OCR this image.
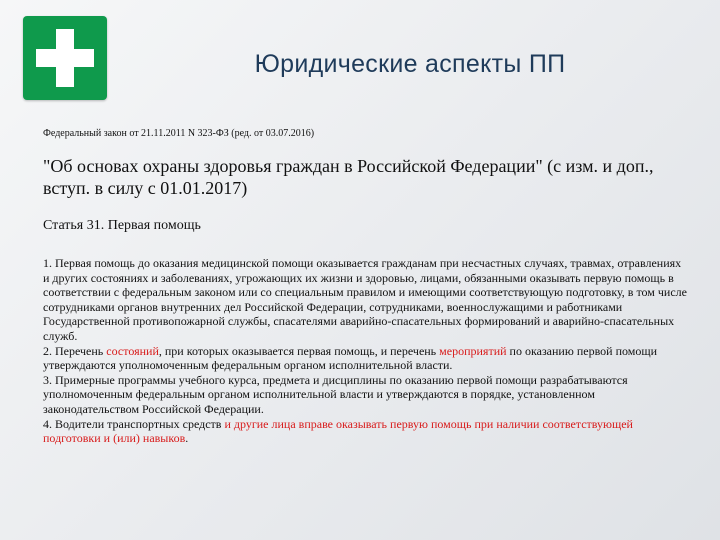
Юридические аспекты ПП

Федеральный закон от 21.11.2011 N 323-ФЗ (ред. от 03.07.2016)

"Об основах охраны здоровья граждан в Российской Федерации" (с изм. и доп., вступ. в силу с 01.01.2017)

Статья 31. Первая помощь

1. Первая помощь до оказания медицинской помощи оказывается гражданам при несчастных случаях, травмах, отравлениях и других состояниях и заболеваниях, угрожающих их жизни и здоровью, лицами, обязанными оказывать первую помощь в соответствии с федеральным законом или со специальным правилом и имеющими соответствующую подготовку, в том числе сотрудниками органов внутренних дел Российской Федерации, сотрудниками, военнослужащими и работниками Государственной противопожарной службы, спасателями аварийно-спасательных формирований и аварийно-спасательных служб.

2. Перечень состояний, при которых оказывается первая помощь, и перечень мероприятий по оказанию первой помощи утверждаются уполномоченным федеральным органом исполнительной власти.

3. Примерные программы учебного курса, предмета и дисциплины по оказанию первой помощи разрабатываются уполномоченным федеральным органом исполнительной власти и утверждаются в порядке, установленном законодательством Российской Федерации.

4. Водители транспортных средств и другие лица вправе оказывать первую помощь при наличии соответствующей подготовки и (или) навыков.
